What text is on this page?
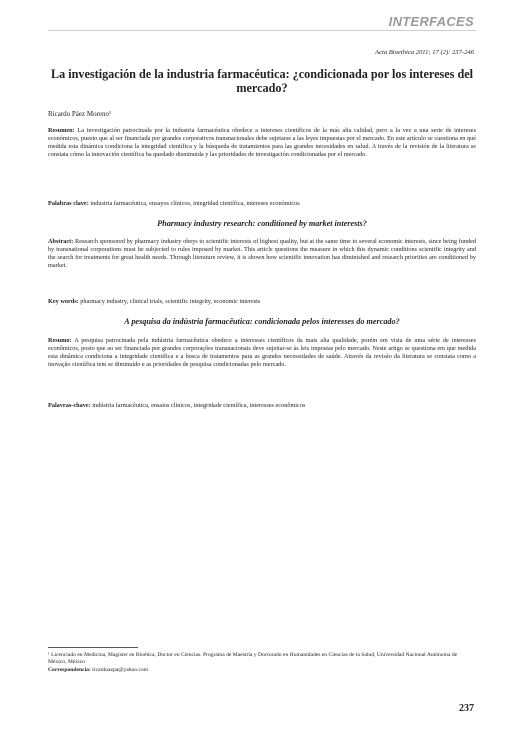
INTERFACES
Acta Bioethica 2011; 17 (2): 237-246
La investigación de la industria farmacéutica: ¿condicionada por los intereses del mercado?
Ricardo Páez Moreno¹
Resumen: La investigación patrocinada por la industria farmacéutica obedece a intereses científicos de la más alta calidad, pero a la vez a una serie de intereses económicos, puesto que al ser financiada por grandes corporativos transnacionales debe sujetarse a las leyes impuestas por el mercado. En este artículo se cuestiona en qué medida esta dinámica condiciona la integridad científica y la búsqueda de tratamientos para las grandes necesidades en salud. A través de la revisión de la literatura se constata cómo la innovación científica ha quedado disminuida y las prioridades de investigación condicionadas por el mercado.
Palabras clave: industria farmacéutica, ensayos clínicos, integridad científica, intereses económicos
Pharmacy industry research: conditioned by market interests?
Abstract: Research sponsored by pharmacy industry obeys to scientific interests of highest quality, but at the same time to several economic interests, since being funded by transnational corporations must be subjected to rules imposed by market. This article questions the measure in which this dynamic conditions scientific integrity and the search for treatments for great health needs. Through literature review, it is shown how scientific innovation has diminished and research priorities are conditioned by market.
Key words: pharmacy industry, clinical trials, scientific integrity, economic interests
A pesquisa da indústria farmacêutica: condicionada pelos interesses do mercado?
Resumo: A pesquisa patrocinada pela indústria farmacêutica obedece a interesses científicos da mais alta qualidade, porém em vista de uma série de interesses econômicos, posto que ao ser financiada por grandes corporações transnacionais deve sujeitar-se às leis impostas pelo mercado. Neste artigo se questiona em que medida esta dinâmica condiciona a integridade científica e a busca de tratamentos para as grandes necessidades de saúde. Através da revisão da literatura se constata como a inovação científica tem se diminuído e as prioridades de pesquisa condicionadas pelo mercado.
Palavras-chave: indústria farmacêutica, ensaios clínicos, integridade científica, interesses econômicos
¹ Licenciado en Medicina, Magíster en Bioética, Doctor en Ciencias. Programa de Maestría y Doctorado en Humanidades en Ciencias de la Salud, Universidad Nacional Autónoma de México, México
Correspondencia: ricardoazpa@yahoo.com
237
